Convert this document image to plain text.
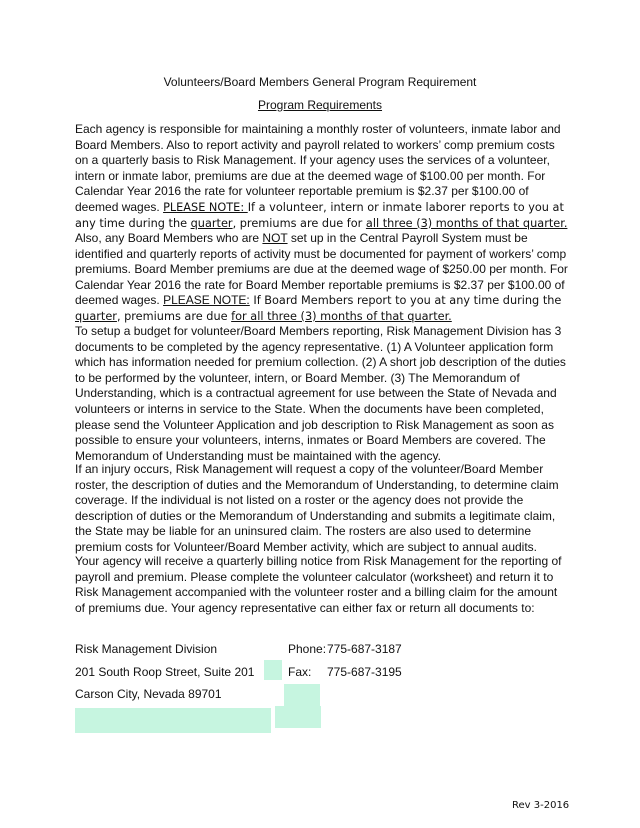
Volunteers/Board Members General Program Requirement
Program Requirements

Each agency is responsible for maintaining a monthly roster of volunteers, inmate labor and Board Members. Also to report activity and payroll related to workers’ comp premium costs on a quarterly basis to Risk Management. If your agency uses the services of a volunteer, intern or inmate labor, premiums are due at the deemed wage of $100.00 per month. For Calendar Year 2016 the rate for volunteer reportable premium is $2.37 per $100.00 of deemed wages. PLEASE NOTE: If a volunteer, intern or inmate laborer reports to you at any time during the quarter, premiums are due for all three (3) months of that quarter.

Also, any Board Members who are NOT set up in the Central Payroll System must be identified and quarterly reports of activity must be documented for payment of workers’ comp premiums. Board Member premiums are due at the deemed wage of $250.00 per month. For Calendar Year 2016 the rate for Board Member reportable premiums is $2.37 per $100.00 of deemed wages. PLEASE NOTE: If Board Members report to you at any time during the quarter, premiums are due for all three (3) months of that quarter.

To setup a budget for volunteer/Board Members reporting, Risk Management Division has 3 documents to be completed by the agency representative. (1) A Volunteer application form which has information needed for premium collection. (2) A short job description of the duties to be performed by the volunteer, intern, or Board Member. (3) The Memorandum of Understanding, which is a contractual agreement for use between the State of Nevada and volunteers or interns in service to the State. When the documents have been completed, please send the Volunteer Application and job description to Risk Management as soon as possible to ensure your volunteers, interns, inmates or Board Members are covered. The Memorandum of Understanding must be maintained with the agency.

If an injury occurs, Risk Management will request a copy of the volunteer/Board Member roster, the description of duties and the Memorandum of Understanding, to determine claim coverage. If the individual is not listed on a roster or the agency does not provide the description of duties or the Memorandum of Understanding and submits a legitimate claim, the State may be liable for an uninsured claim. The rosters are also used to determine premium costs for Volunteer/Board Member activity, which are subject to annual audits.

Your agency will receive a quarterly billing notice from Risk Management for the reporting of payroll and premium. Please complete the volunteer calculator (worksheet) and return it to Risk Management accompanied with the volunteer roster and a billing claim for the amount of premiums due. Your agency representative can either fax or return all documents to:

Risk Management Division
201 South Roop Street, Suite 201
Carson City, Nevada 89701
Phone: 775-687-3187
Fax: 775-687-3195
Rev 3-2016
